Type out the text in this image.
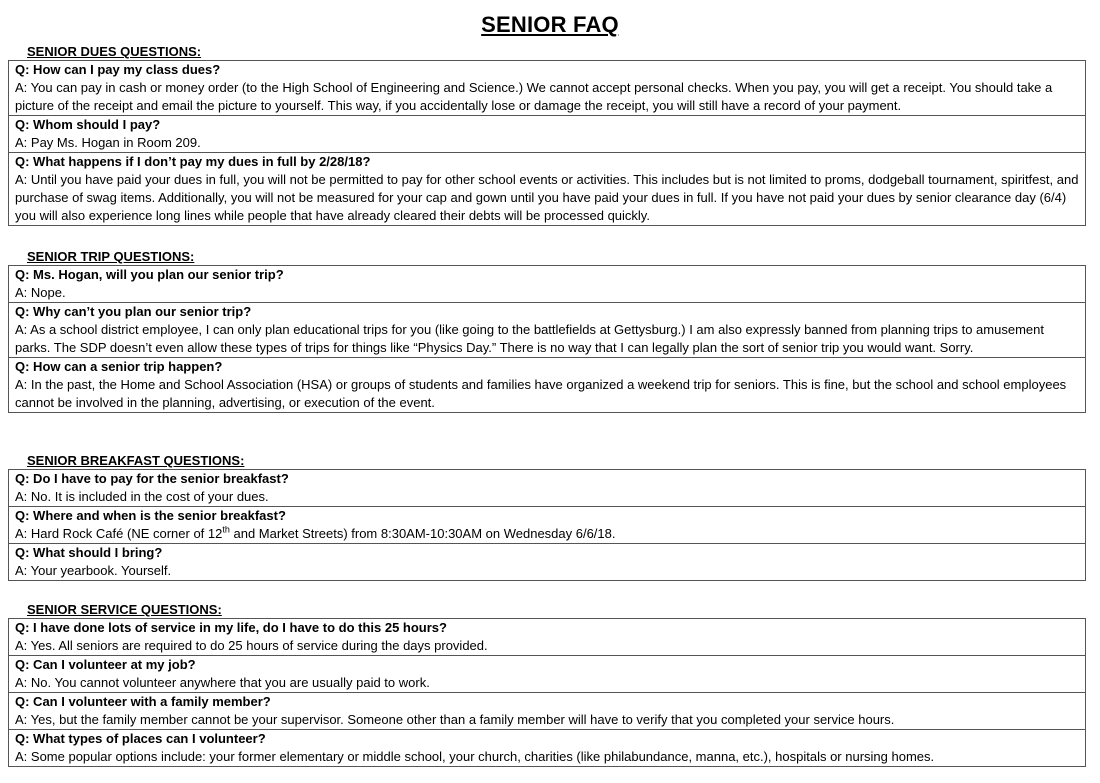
SENIOR FAQ
SENIOR DUES QUESTIONS:
Q: How can I pay my class dues?
A: You can pay in cash or money order (to the High School of Engineering and Science.) We cannot accept personal checks. When you pay, you will get a receipt. You should take a picture of the receipt and email the picture to yourself. This way, if you accidentally lose or damage the receipt, you will still have a record of your payment.
Q: Whom should I pay?
A: Pay Ms. Hogan in Room 209.
Q: What happens if I don’t pay my dues in full by 2/28/18?
A: Until you have paid your dues in full, you will not be permitted to pay for other school events or activities. This includes but is not limited to proms, dodgeball tournament, spiritfest, and purchase of swag items. Additionally, you will not be measured for your cap and gown until you have paid your dues in full. If you have not paid your dues by senior clearance day (6/4) you will also experience long lines while people that have already cleared their debts will be processed quickly.
SENIOR TRIP QUESTIONS:
Q: Ms. Hogan, will you plan our senior trip?
A: Nope.
Q: Why can’t you plan our senior trip?
A: As a school district employee, I can only plan educational trips for you (like going to the battlefields at Gettysburg.) I am also expressly banned from planning trips to amusement parks. The SDP doesn’t even allow these types of trips for things like “Physics Day.” There is no way that I can legally plan the sort of senior trip you would want. Sorry.
Q: How can a senior trip happen?
A: In the past, the Home and School Association (HSA) or groups of students and families have organized a weekend trip for seniors. This is fine, but the school and school employees cannot be involved in the planning, advertising, or execution of the event.
SENIOR BREAKFAST QUESTIONS:
Q: Do I have to pay for the senior breakfast?
A: No. It is included in the cost of your dues.
Q: Where and when is the senior breakfast?
A: Hard Rock Café (NE corner of 12th and Market Streets) from 8:30AM-10:30AM on Wednesday 6/6/18.
Q: What should I bring?
A: Your yearbook. Yourself.
SENIOR SERVICE QUESTIONS:
Q: I have done lots of service in my life, do I have to do this 25 hours?
A: Yes. All seniors are required to do 25 hours of service during the days provided.
Q: Can I volunteer at my job?
A: No. You cannot volunteer anywhere that you are usually paid to work.
Q: Can I volunteer with a family member?
A: Yes, but the family member cannot be your supervisor. Someone other than a family member will have to verify that you completed your service hours.
Q: What types of places can I volunteer?
A: Some popular options include: your former elementary or middle school, your church, charities (like philabundance, manna, etc.), hospitals or nursing homes.
